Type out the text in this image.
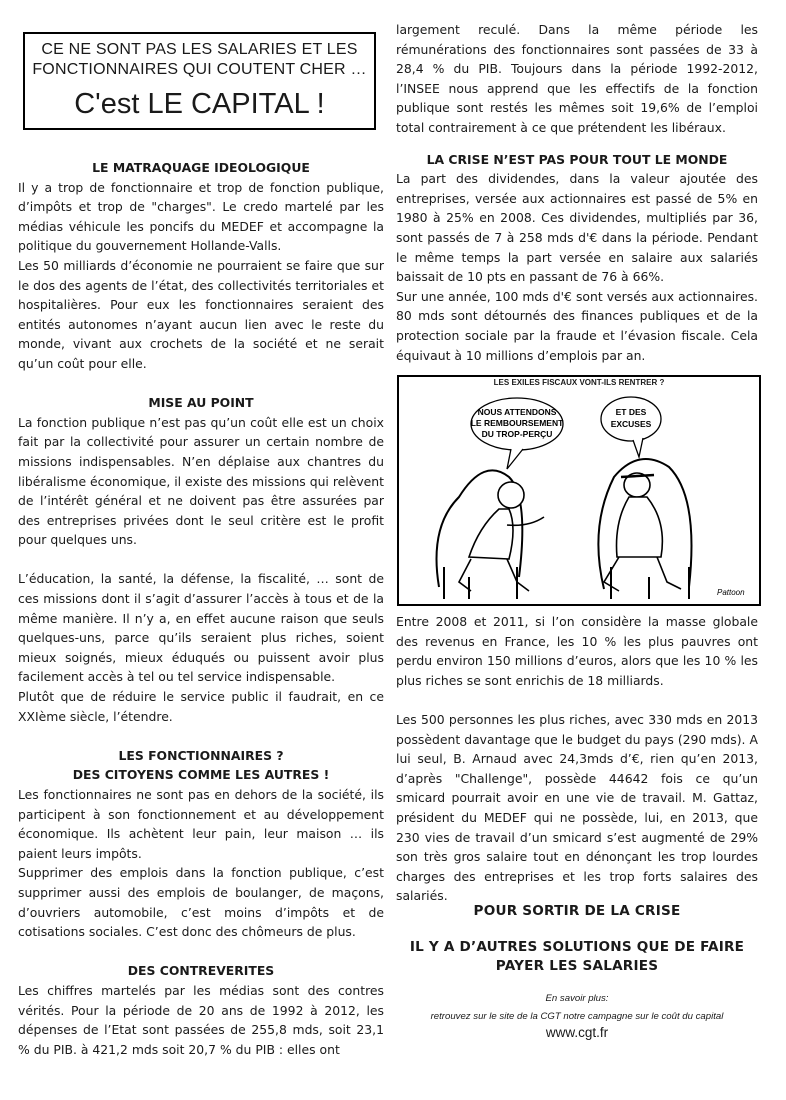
CE NE SONT PAS LES SALARIES ET LES
FONCTIONNAIRES QUI COUTENT CHER …
C'est LE CAPITAL !

LE MATRAQUAGE IDEOLOGIQUE

Il y a trop de fonctionnaire et trop de fonction publique, d’impôts et trop de "charges". Le credo martelé par les médias véhicule les poncifs du MEDEF et accompagne la politique du gouvernement Hollande-Valls.

Les 50 milliards d’économie ne pourraient se faire que sur le dos des agents de l’état, des collectivités territoriales et hospitalières. Pour eux les fonctionnaires seraient des entités autonomes n’ayant aucun lien avec le reste du monde, vivant aux crochets de la société et ne serait qu’un coût pour elle.

MISE AU POINT

La fonction publique n’est pas qu’un coût elle est un choix fait par la collectivité pour assurer un certain nombre de missions indispensables. N’en déplaise aux chantres du libéralisme économique, il existe des missions qui relèvent de l’intérêt général et ne doivent pas être assurées par des entreprises privées dont le seul critère est le profit pour quelques uns.

L’éducation, la santé, la défense, la fiscalité, … sont de ces missions dont il s’agit d’assurer l’accès à tous et de la même manière. Il n’y a, en effet aucune raison que seuls quelques-uns, parce qu’ils seraient plus riches, soient mieux soignés, mieux éduqués ou puissent avoir plus facilement accès à tel ou tel service indispensable.

Plutôt que de réduire le service public il faudrait, en ce XXIème siècle, l’étendre.

LES FONCTIONNAIRES ?

DES CITOYENS COMME LES AUTRES !

Les fonctionnaires ne sont pas en dehors de la société, ils participent à son fonctionnement et au développement économique. Ils achètent leur pain, leur maison … ils paient leurs impôts.

Supprimer des emplois dans la fonction publique, c’est supprimer aussi des emplois de boulanger, de maçons, d’ouvriers automobile, c’est moins d’impôts et de cotisations sociales. C’est donc des chômeurs de plus.

DES CONTREVERITES

Les chiffres martelés par les médias sont des contres vérités. Pour la période de 20 ans de 1992 à 2012, les dépenses de l’Etat sont passées de 255,8 mds, soit 23,1 % du PIB. à 421,2 mds soit 20,7 % du PIB : elles ont

largement reculé. Dans la même période les rémunérations des fonctionnaires sont passées de 33 à 28,4 % du PIB. Toujours dans la période 1992-2012, l’INSEE nous apprend que les effectifs de la fonction publique sont restés les mêmes soit 19,6% de l’emploi total contrairement à ce que prétendent les libéraux.

LA CRISE N’EST PAS POUR TOUT LE MONDE

La part des dividendes, dans la valeur ajoutée des entreprises, versée aux actionnaires est passé de 5% en 1980 à 25% en 2008. Ces dividendes, multipliés par 36, sont passés de 7 à 258 mds d'€ dans la période. Pendant le même temps la part versée en salaire aux salariés baissait de 10 pts en passant de 76 à 66%.

Sur une année, 100 mds d'€ sont versés aux actionnaires. 80 mds sont détournés des finances publiques et de la protection sociale par la fraude et l’évasion fiscale. Cela équivaut à 10 millions d’emplois par an.

Entre 2008 et 2011, si l’on considère la masse globale des revenus en France, les 10 % les plus pauvres ont perdu environ 150 millions d’euros, alors que les 10 % les plus riches se sont enrichis de 18 milliards.

Les 500 personnes les plus riches, avec 330 mds en 2013 possèdent davantage que le budget du pays (290 mds). A lui seul, B. Arnaud avec 24,3mds d’€, rien qu’en 2013, d’après "Challenge", possède 44642 fois ce qu’un smicard pourrait avoir en une vie de travail. M. Gattaz, président du MEDEF qui ne possède, lui, en 2013, que 230 vies de travail d’un smicard s’est augmenté de 29% son très gros salaire tout en dénonçant les trop lourdes charges des entreprises et les trop forts salaires des salariés.

LES EXILES FISCAUX VONT-ILS RENTRER ?
NOUS ATTENDONS
LE REMBOURSEMENT
DU TROP-PERÇU
ET DES
EXCUSES
Pattoon

POUR SORTIR DE LA CRISE

IL Y A D’AUTRES SOLUTIONS QUE DE FAIRE

PAYER LES SALARIES

En savoir plus:

retrouvez sur le site de la CGT notre campagne sur le coût du capital

www.cgt.fr
